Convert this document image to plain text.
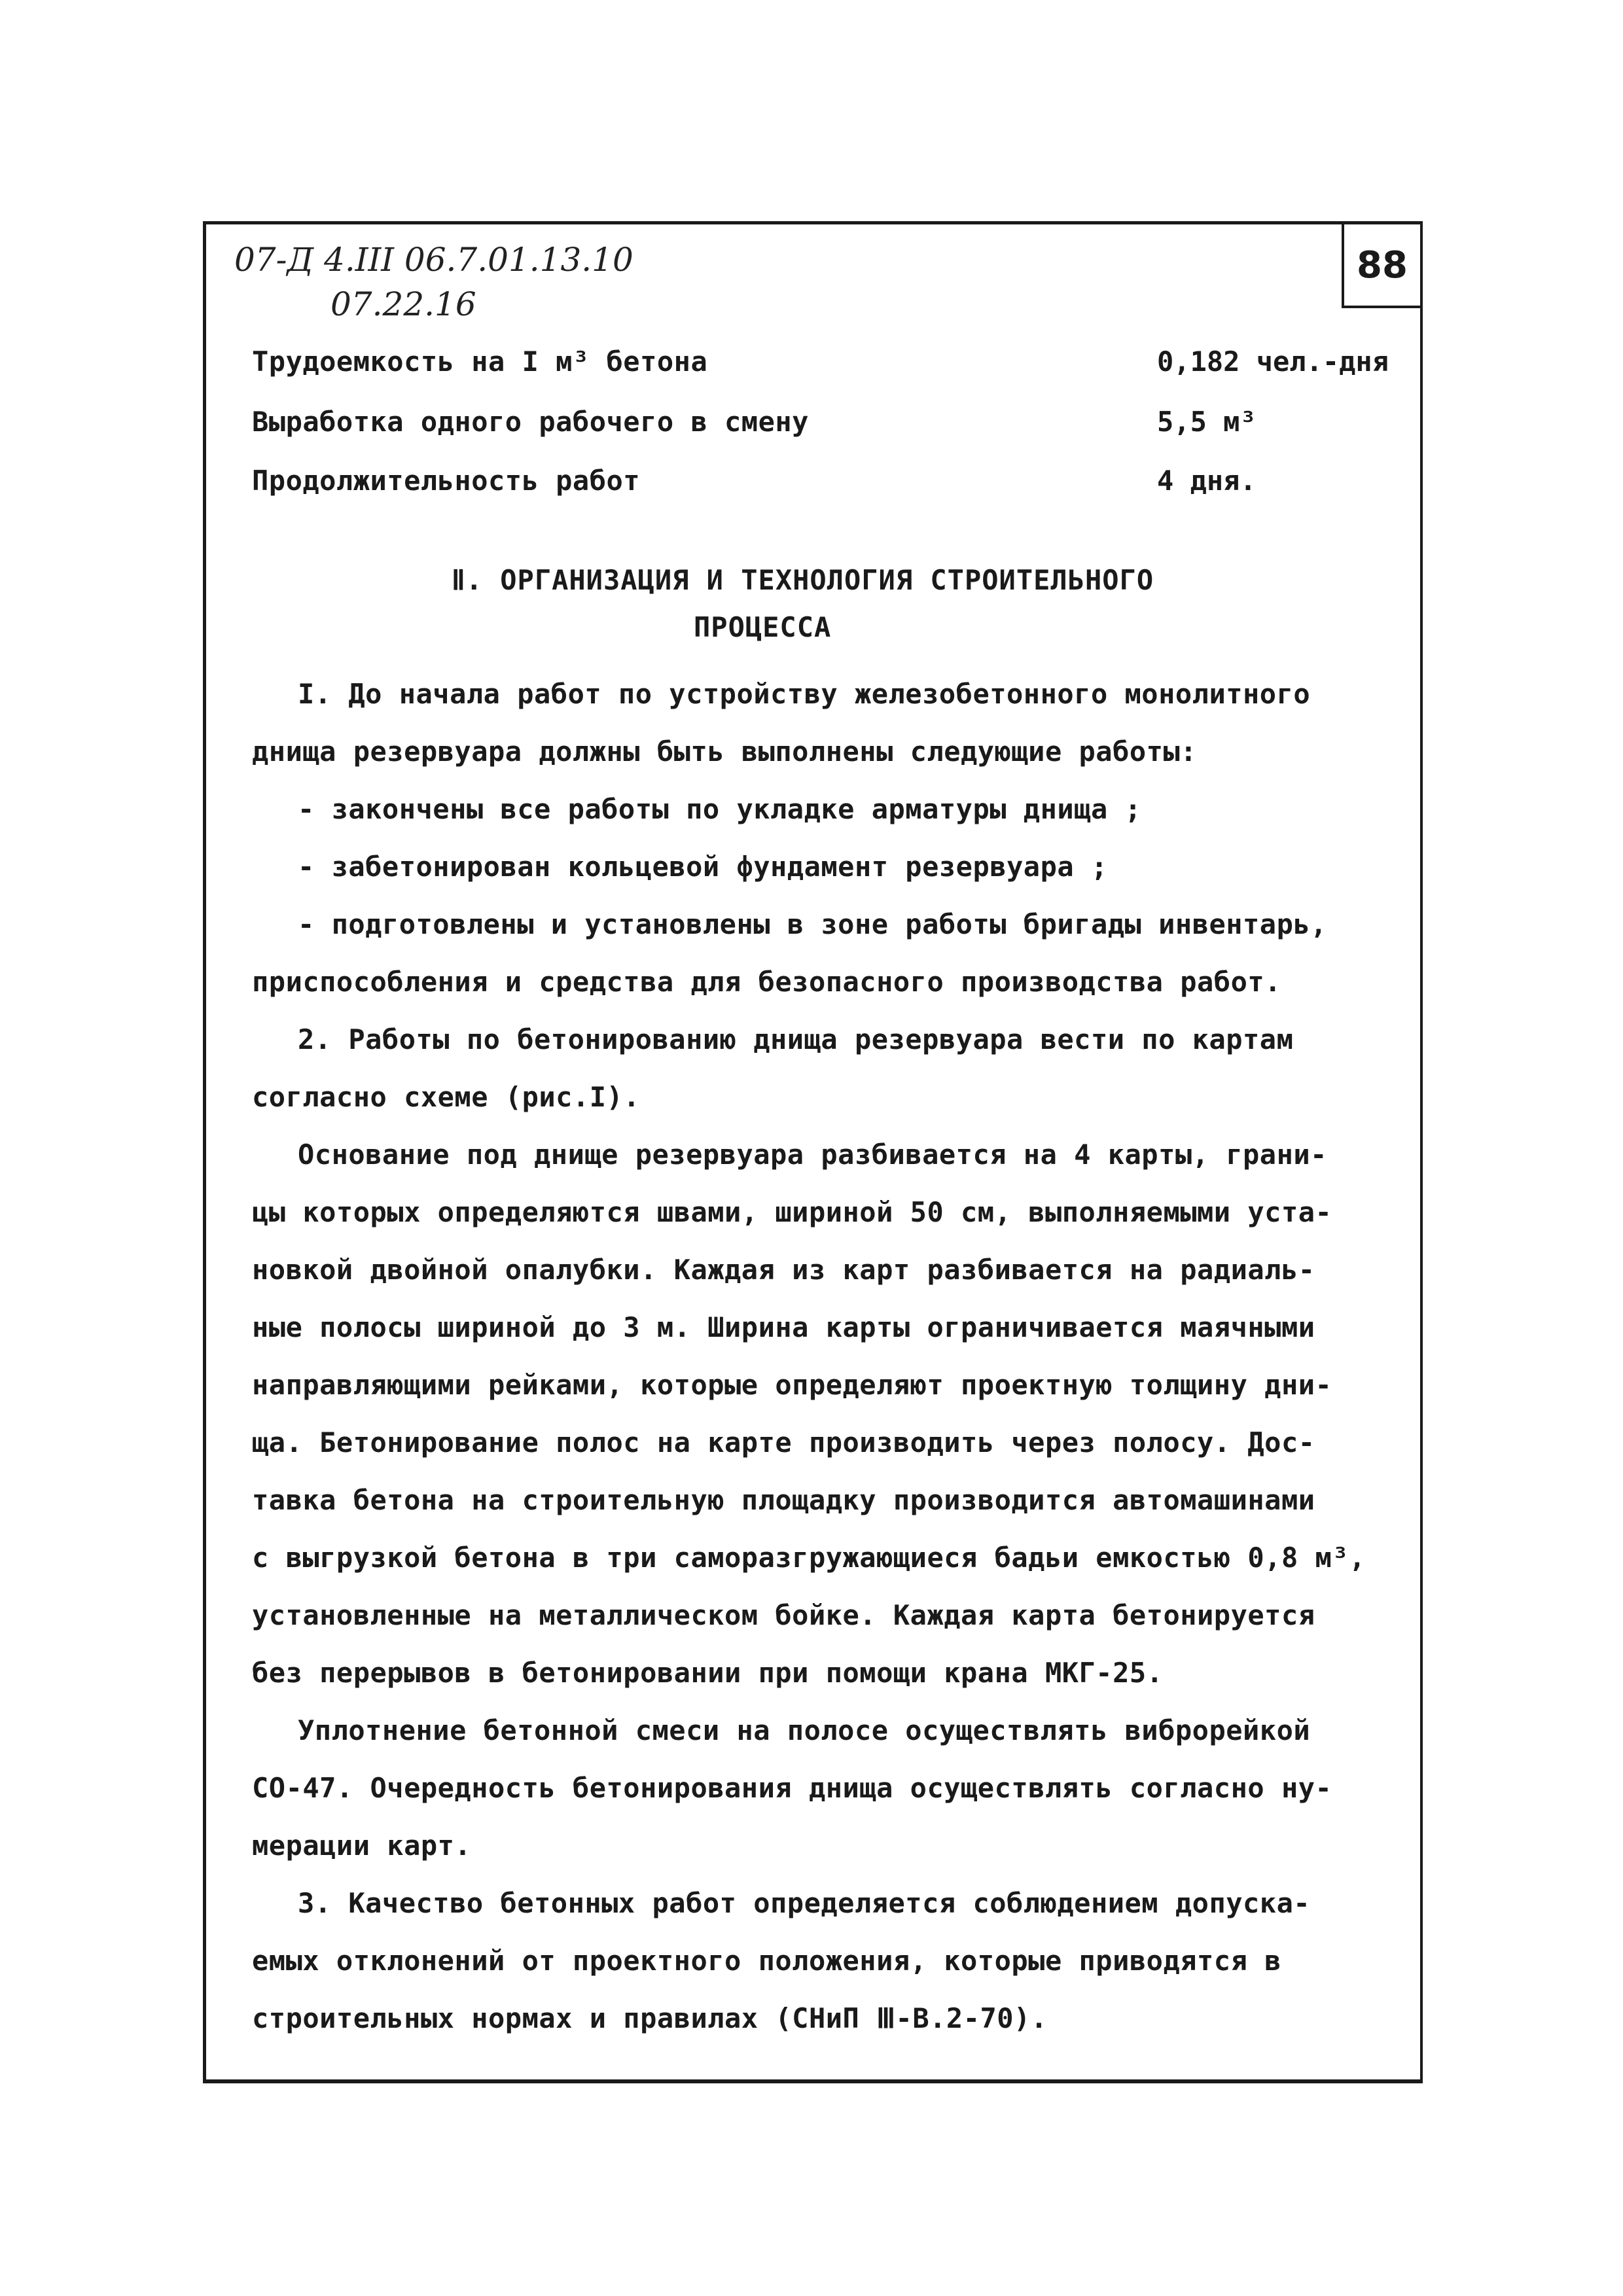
88
07-Д 4.III 06.7.01.13.10
07.22.16
Трудоемкость на I м³ бетона	0,182 чел.-дня
Выработка одного рабочего в смену	5,5 м³
Продолжительность работ	4 дня.
Ⅱ. ОРГАНИЗАЦИЯ И ТЕХНОЛОГИЯ СТРОИТЕЛЬНОГО
ПРОЦЕССА
I. До начала работ по устройству железобетонного монолитного
днища резервуара должны быть выполнены следующие работы:
- закончены все работы по укладке арматуры днища ;
- забетонирован кольцевой фундамент резервуара ;
- подготовлены и установлены в зоне работы бригады инвентарь,
приспособления и средства для безопасного производства работ.
2. Работы по бетонированию днища резервуара вести по картам
согласно схеме (рис.I).
Основание под днище резервуара разбивается на 4 карты, грани-
цы которых определяются швами, шириной 50 см, выполняемыми уста-
новкой двойной опалубки. Каждая из карт разбивается на радиаль-
ные полосы шириной до 3 м. Ширина карты ограничивается маячными
направляющими рейками, которые определяют проектную толщину дни-
ща. Бетонирование полос на карте производить через полосу. Дос-
тавка бетона на строительную площадку производится автомашинами
с выгрузкой бетона в три саморазгружающиеся бадьи емкостью 0,8 м³,
установленные на металлическом бойке. Каждая карта бетонируется
без перерывов в бетонировании при помощи крана МКГ-25.
Уплотнение бетонной смеси на полосе осуществлять виброрейкой
СО-47. Очередность бетонирования днища осуществлять согласно ну-
мерации карт.
3. Качество бетонных работ определяется соблюдением допуска-
емых отклонений от проектного положения, которые приводятся в
строительных нормах и правилах (СНиП Ⅲ-В.2-70).
